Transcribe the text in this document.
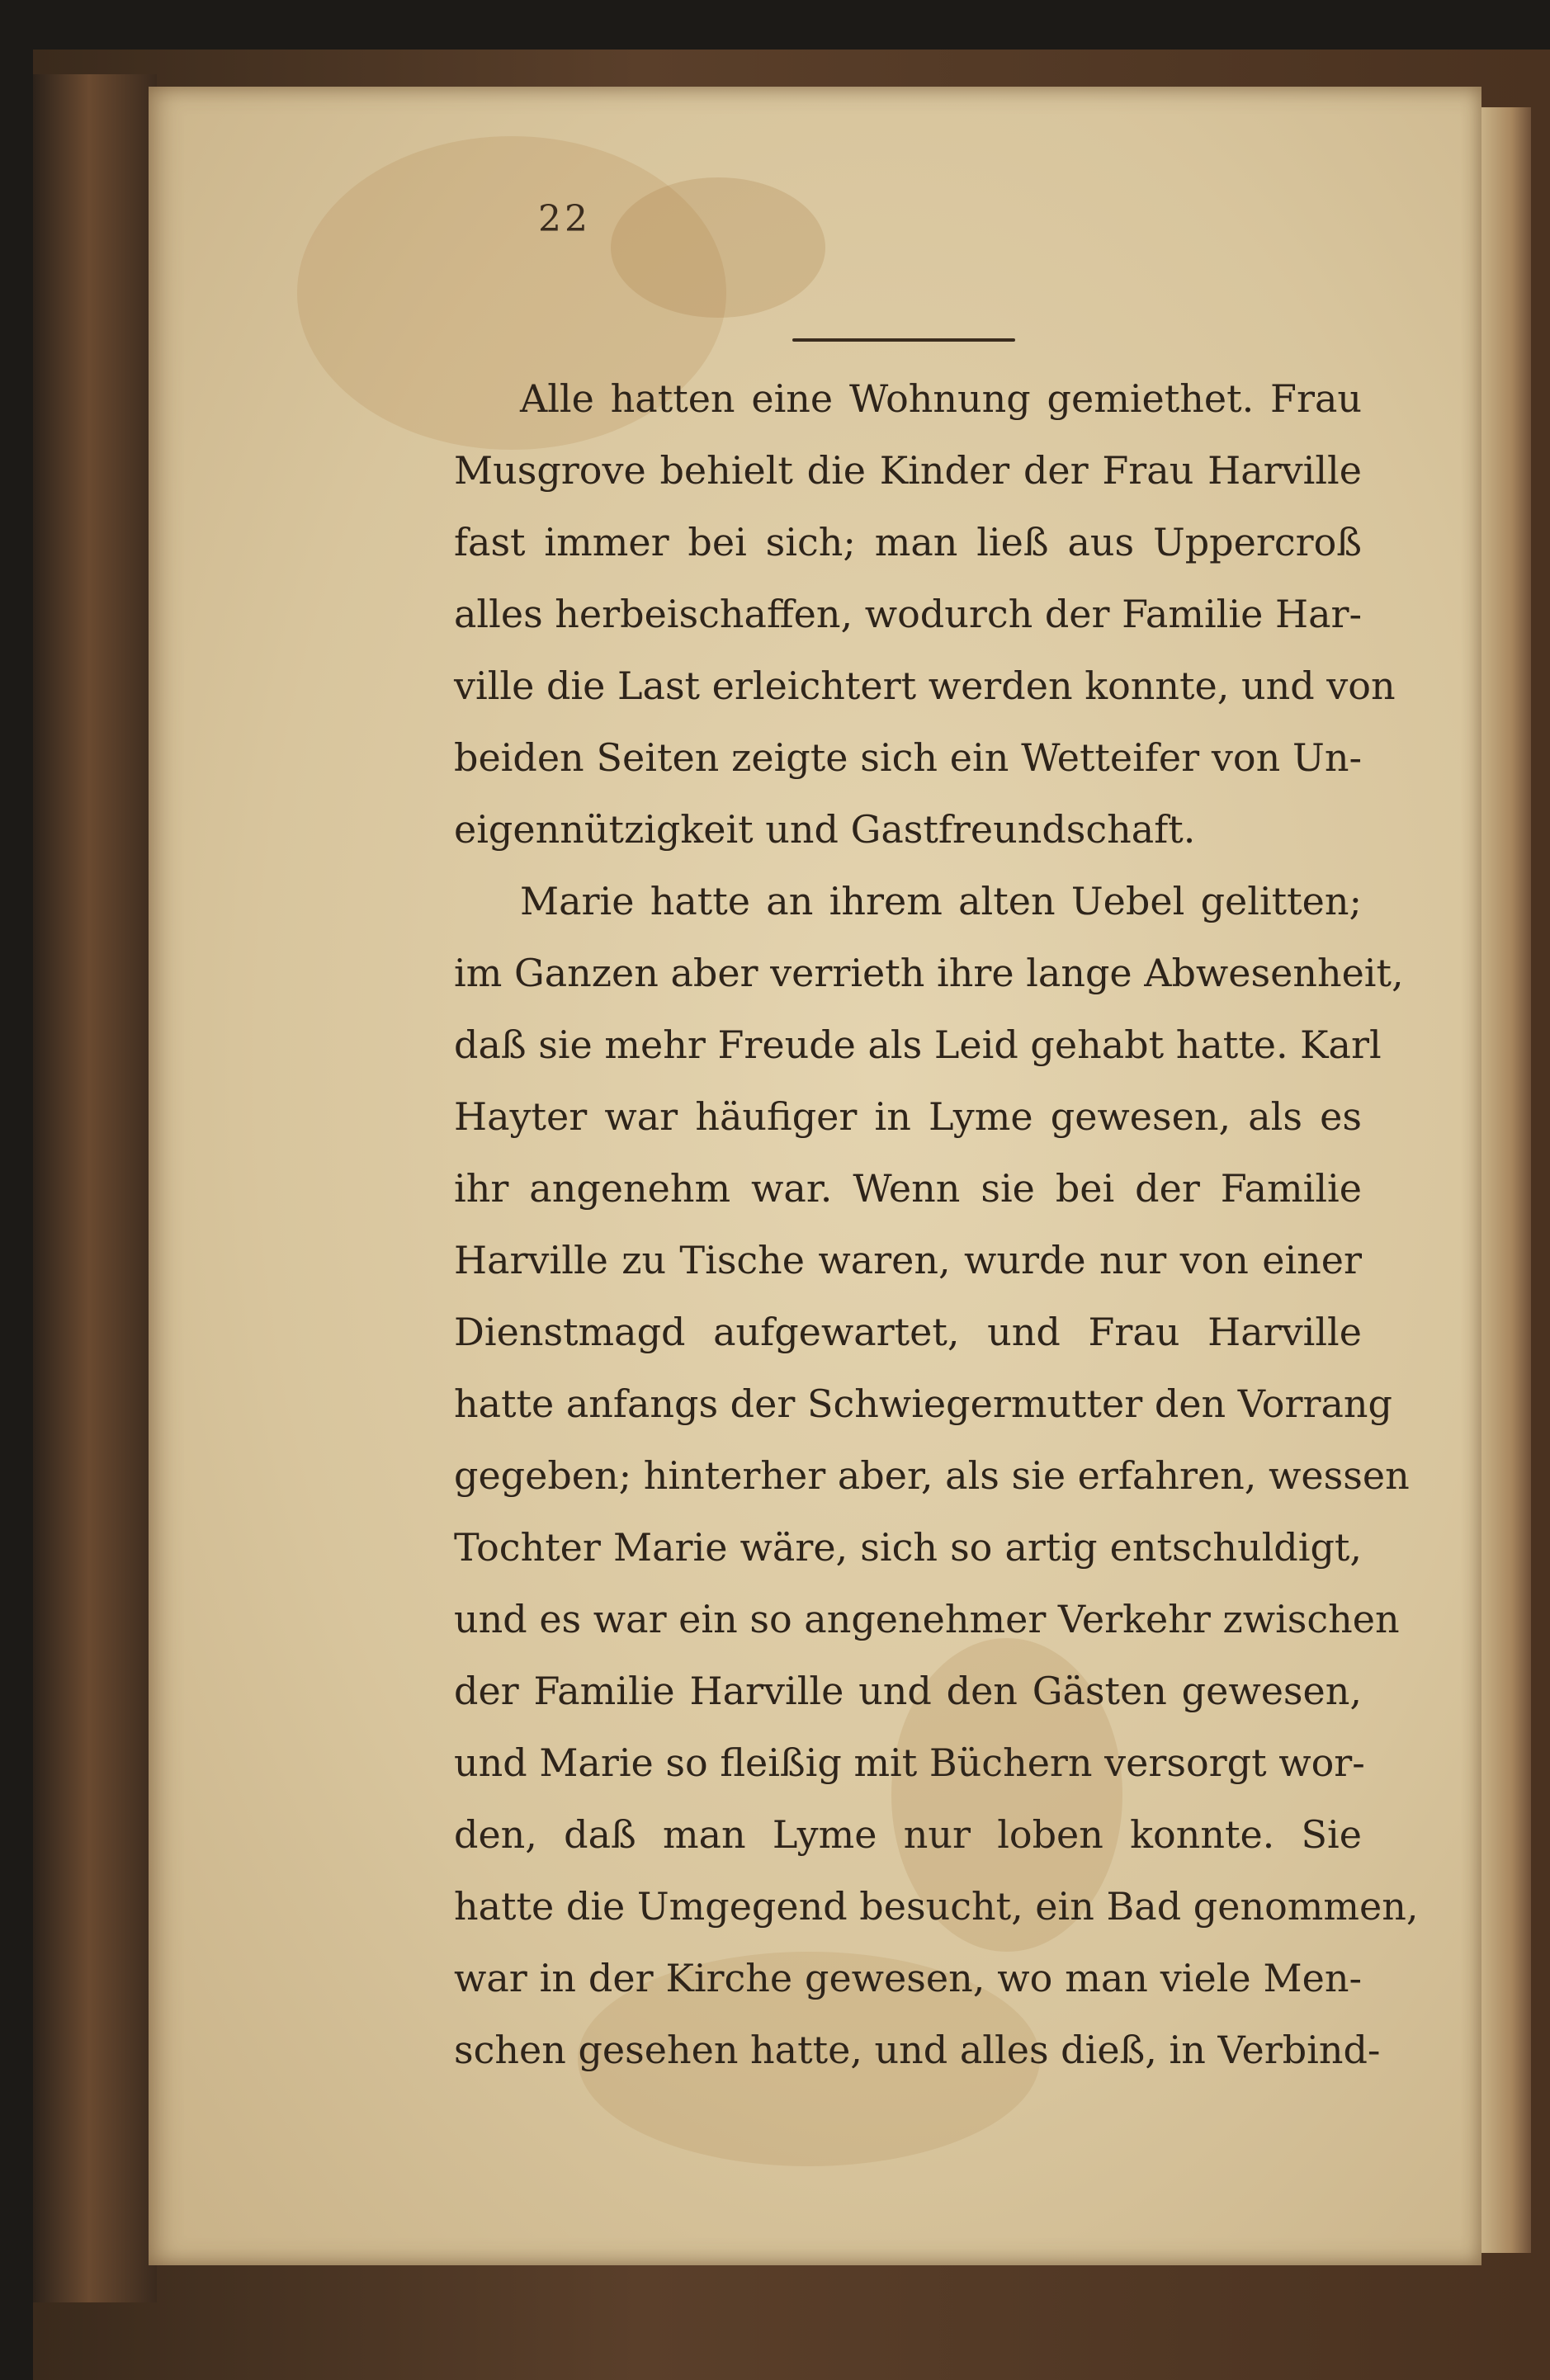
22
Alle hatten eine Wohnung gemiethet. Frau
Musgrove behielt die Kinder der Frau Harville
fast immer bei sich; man ließ aus Uppercroß
alles herbeischaffen, wodurch der Familie Har-
ville die Last erleichtert werden konnte, und von
beiden Seiten zeigte sich ein Wetteifer von Un-
eigennützigkeit und Gastfreundschaft.
Marie hatte an ihrem alten Uebel gelitten;
im Ganzen aber verrieth ihre lange Abwesenheit,
daß sie mehr Freude als Leid gehabt hatte. Karl
Hayter war häufiger in Lyme gewesen, als es
ihr angenehm war. Wenn sie bei der Familie
Harville zu Tische waren, wurde nur von einer
Dienstmagd aufgewartet, und Frau Harville
hatte anfangs der Schwiegermutter den Vorrang
gegeben; hinterher aber, als sie erfahren, wessen
Tochter Marie wäre, sich so artig entschuldigt,
und es war ein so angenehmer Verkehr zwischen
der Familie Harville und den Gästen gewesen,
und Marie so fleißig mit Büchern versorgt wor-
den, daß man Lyme nur loben konnte. Sie
hatte die Umgegend besucht, ein Bad genommen,
war in der Kirche gewesen, wo man viele Men-
schen gesehen hatte, und alles dieß, in Verbind-
